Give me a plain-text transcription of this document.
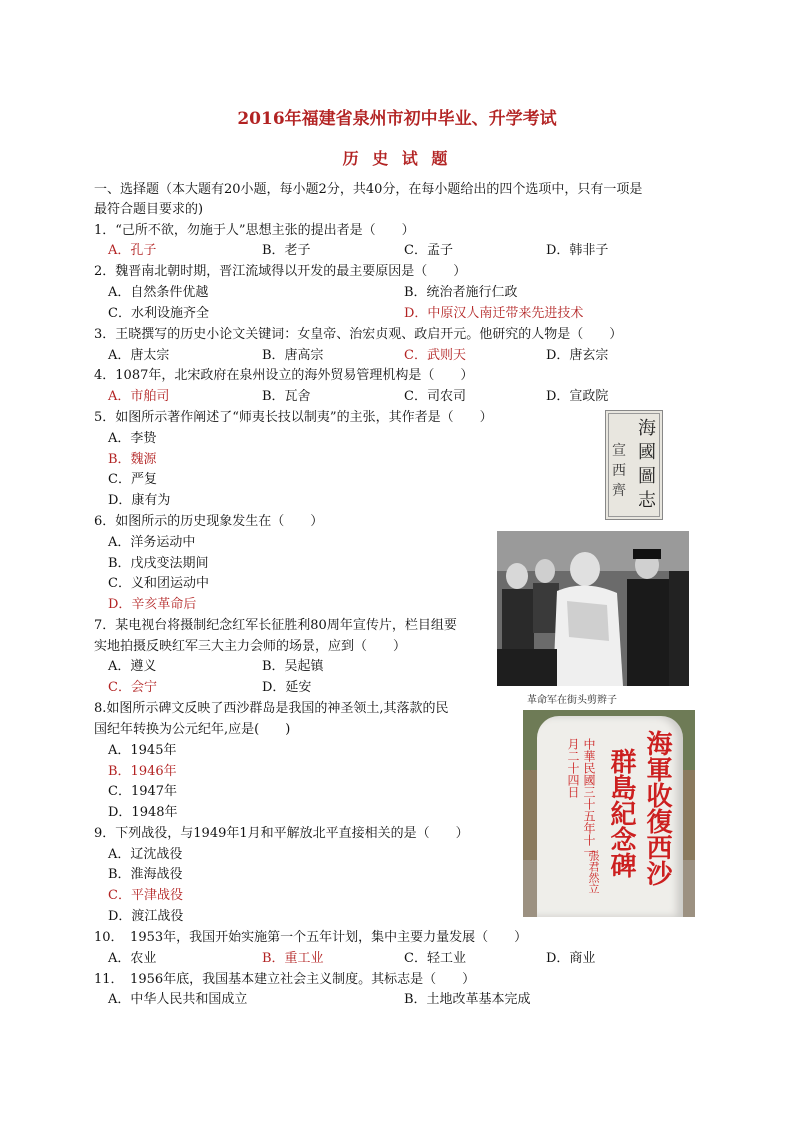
2016年福建省泉州市初中毕业、升学考试
历 史 试 题
一、选择题（本大题有20小题，每小题2分，共40分，在每小题给出的四个选项中，只有一项是
最符合题目要求的)
1．“己所不欲，勿施于人”思想主张的提出者是（　　）
A．孔子	B．老子	C．孟子	D．韩非子
2．魏晋南北朝时期，晋江流域得以开发的最主要原因是（　　）
A．自然条件优越	B．统治者施行仁政
C．水利设施齐全	D．中原汉人南迁带来先进技术
3．王晓撰写的历史小论文关键词：女皇帝、治宏贞观、政启开元。他研究的人物是（　　）
A．唐太宗	B．唐高宗	C．武则天	D．唐玄宗
4．1087年，北宋政府在泉州设立的海外贸易管理机构是（　　）
A．市舶司	B．瓦舍	C．司农司	D．宣政院
5．如图所示著作阐述了“师夷长技以制夷”的主张，其作者是（　　）
A．李贽
B．魏源
C．严复
D．康有为
海
國
圖
志
宣
西
齊
6．如图所示的历史现象发生在（　　）
A．洋务运动中
B．戊戌变法期间
C．义和团运动中
D．辛亥革命后
革命军在街头剪辫子
7．某电视台将摄制纪念红军长征胜利80周年宣传片，栏目组要
实地拍摄反映红军三大主力会师的场景，应到（　　）
A．遵义	B．吴起镇
C．会宁	D．延安
8.如图所示碑文反映了西沙群岛是我国的神圣领土,其落款的民
国纪年转换为公元纪年,应是(　　)
A．1945年
B．1946年
C．1947年
D．1948年	海軍收復西沙
群島紀念碑
中華民國三十五年十一
月二十四日
張君然立
9．下列战役，与1949年1月和平解放北平直接相关的是（　　）
A．辽沈战役
B．淮海战役
C．平津战役
D．渡江战役
10．　1953年，我国开始实施第一个五年计划，集中主要力量发展（　　）
A．农业	B．重工业	C．轻工业	D．商业
11．　1956年底，我国基本建立社会主义制度。其标志是（　　）
A．中华人民共和国成立	B．土地改革基本完成
